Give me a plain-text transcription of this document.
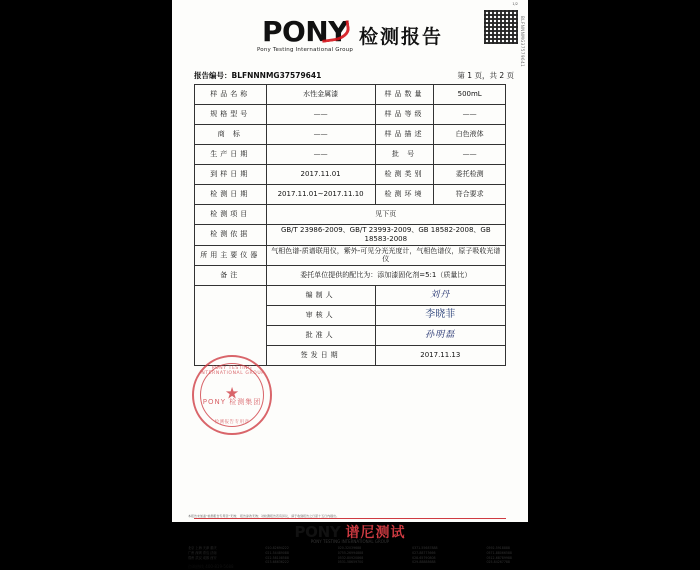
1/2
BLFNNNMG37579641
PONY
Pony Testing International Group
检测报告
报告编号：BLFNNNMG37579641	第 1 页，共 2 页
样品名称	水性金属漆	样品数量	500mL
规格型号	——	样品等级	——
商 标	——	样品描述	白色液体
生产日期	——	批 号	——
到样日期	2017.11.01	检测类别	委托检测
检测日期	2017.11.01~2017.11.10	检测环境	符合要求
检测项目	见下页		
检测依据	GB/T 23986-2009、GB/T 23993-2009、GB 18582-2008、GB 18583-2008		
所用主要仪器	气相色谱-质谱联用仪，紫外-可见分光光度计，气相色谱仪，原子吸收光谱仪		
备注	委托单位提供的配比为：添加漆固化剂=5:1（质量比）		
	编制人	刘丹	
	审核人	李晓菲	
	批准人	孙明磊	
	签发日期	2017.11.13	
PONY TESTING INTERNATIONAL GROUP
★
PONY 检测集团
检测报告专用章
PONY 谱尼测试
PONY TESTING INTERNATIONAL GROUP
北京 上海 天津 重庆
广州 深圳 青岛 济南
郑州 武汉 成都 西安
010-82694222
021-54489088
022-58108588
023-68636222
020-32039688
0755-26994888
0532-80920868
0531-58659700
0371-55687888
027-88773666
028-65790808
029-88888688
0592-5918888
0571-88066588
0512-68789988
025-84267788
咨询热线 400-819-5688
本报告未加盖“检测报告专用章”无效； 报告涂改无效；对检测报告若有异议，请于收到报告之日起十五日内提出。
